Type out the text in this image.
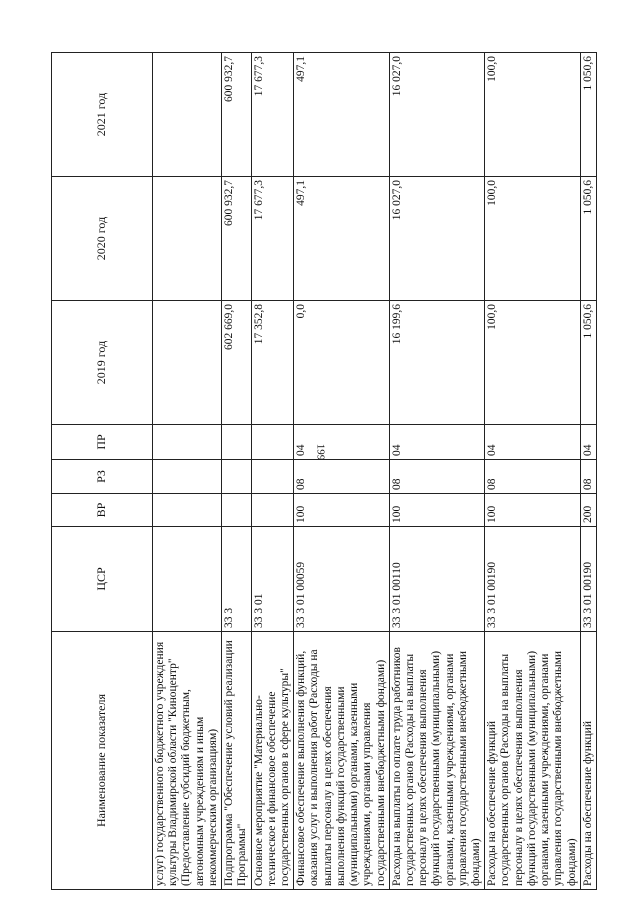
199
Наименование показателя	ЦСР	ВР	РЗ	ПР	2019 год	2020 год	2021 год
услуг) государственного бюджетного учреждения культуры Владимирской области "Киноцентр" (Предоставление субсидий бюджетным, автономным учреждениям и иным некоммерческим организациям)							
Подпрограмма "Обеспечение условий реализации Программы"	33 3				602 669,0	600 932,7	600 932,7
Основное мероприятие "Материально-техническое и финансовое обеспечение государственных органов в сфере культуры"	33 3 01				17 352,8	17 677,3	17 677,3
Финансовое обеспечение выполнения функций, оказания услуг и выполнения работ (Расходы на выплаты персоналу в целях обеспечения выполнения функций государственными (муниципальными) органами, казенными учреждениями, органами управления государственными внебюджетными фондами)	33 3 01 00059	100	08	04	0,0	497,1	497,1
Расходы на выплаты по оплате труда работников государственных органов (Расходы на выплаты персоналу в целях обеспечения выполнения функций государственными (муниципальными) органами, казенными учреждениями, органами управления государственными внебюджетными фондами)	33 3 01 00110	100	08	04	16 199,6	16 027,0	16 027,0
Расходы на обеспечение функций государственных органов (Расходы на выплаты персоналу в целях обеспечения выполнения функций государственными (муниципальными) органами, казенными учреждениями, органами управления государственными внебюджетными фондами)	33 3 01 00190	100	08	04	100,0	100,0	100,0
Расходы на обеспечение функций	33 3 01 00190	200	08	04	1 050,6	1 050,6	1 050,6
